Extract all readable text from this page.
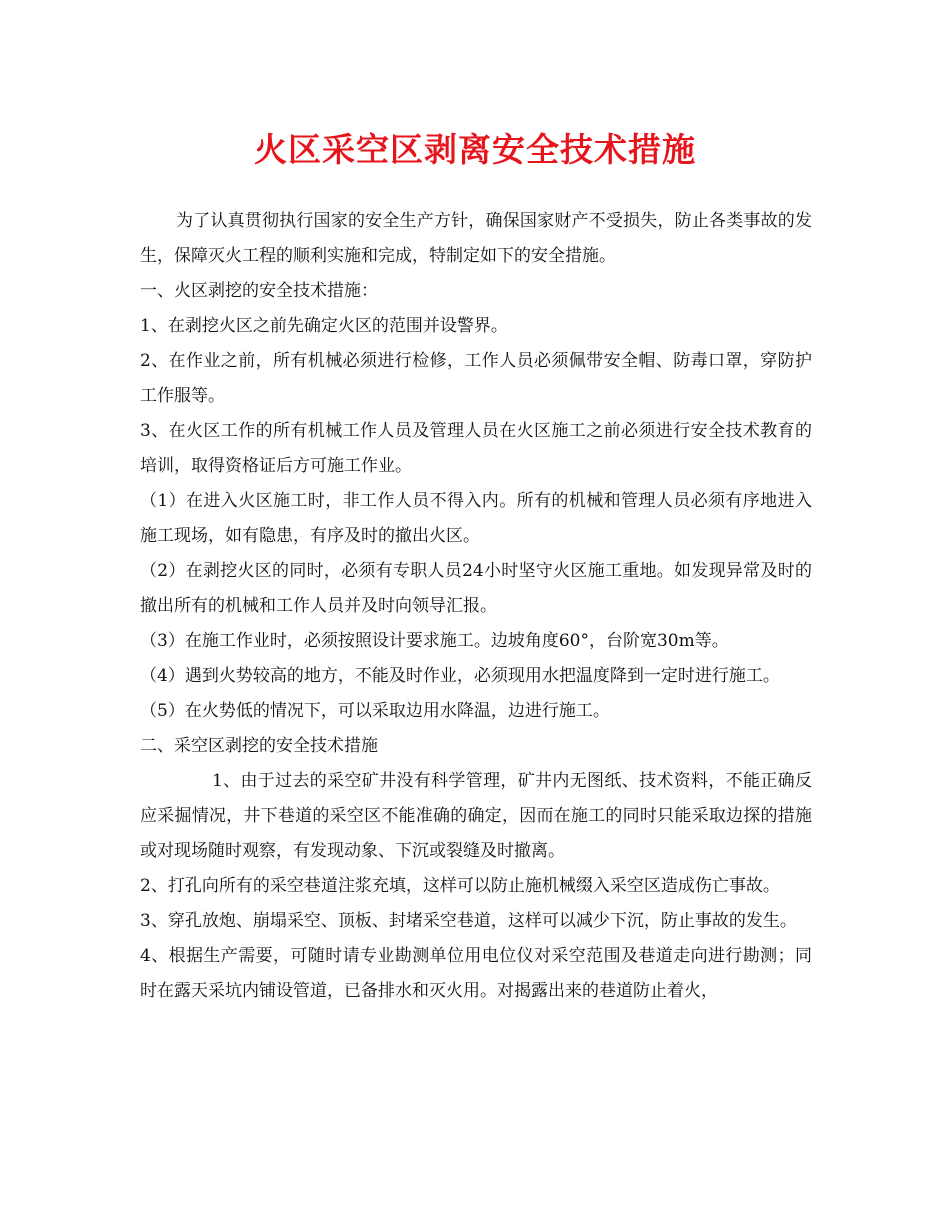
火区采空区剥离安全技术措施

为了认真贯彻执行国家的安全生产方针，确保国家财产不受损失，防止各类事故的发生，保障灭火工程的顺利实施和完成，特制定如下的安全措施。

一、火区剥挖的安全技术措施：

1、在剥挖火区之前先确定火区的范围并设警界。

2、在作业之前，所有机械必须进行检修，工作人员必须佩带安全帽、防毒口罩，穿防护工作服等。

3、在火区工作的所有机械工作人员及管理人员在火区施工之前必须进行安全技术教育的培训，取得资格证后方可施工作业。

（1）在进入火区施工时，非工作人员不得入内。所有的机械和管理人员必须有序地进入施工现场，如有隐患，有序及时的撤出火区。

（2）在剥挖火区的同时，必须有专职人员24小时坚守火区施工重地。如发现异常及时的撤出所有的机械和工作人员并及时向领导汇报。

（3）在施工作业时，必须按照设计要求施工。边坡角度60°，台阶宽30m等。

（4）遇到火势较高的地方，不能及时作业，必须现用水把温度降到一定时进行施工。

（5）在火势低的情况下，可以采取边用水降温，边进行施工。

二、采空区剥挖的安全技术措施

1、由于过去的采空矿井没有科学管理，矿井内无图纸、技术资料，不能正确反应采掘情况，井下巷道的采空区不能准确的确定，因而在施工的同时只能采取边探的措施或对现场随时观察，有发现动象、下沉或裂缝及时撤离。

2、打孔向所有的采空巷道注浆充填，这样可以防止施机械缀入采空区造成伤亡事故。

3、穿孔放炮、崩塌采空、顶板、封堵采空巷道，这样可以减少下沉，防止事故的发生。

4、根据生产需要，可随时请专业勘测单位用电位仪对采空范围及巷道走向进行勘测；同时在露天采坑内铺设管道，已备排水和灭火用。对揭露出来的巷道防止着火，
